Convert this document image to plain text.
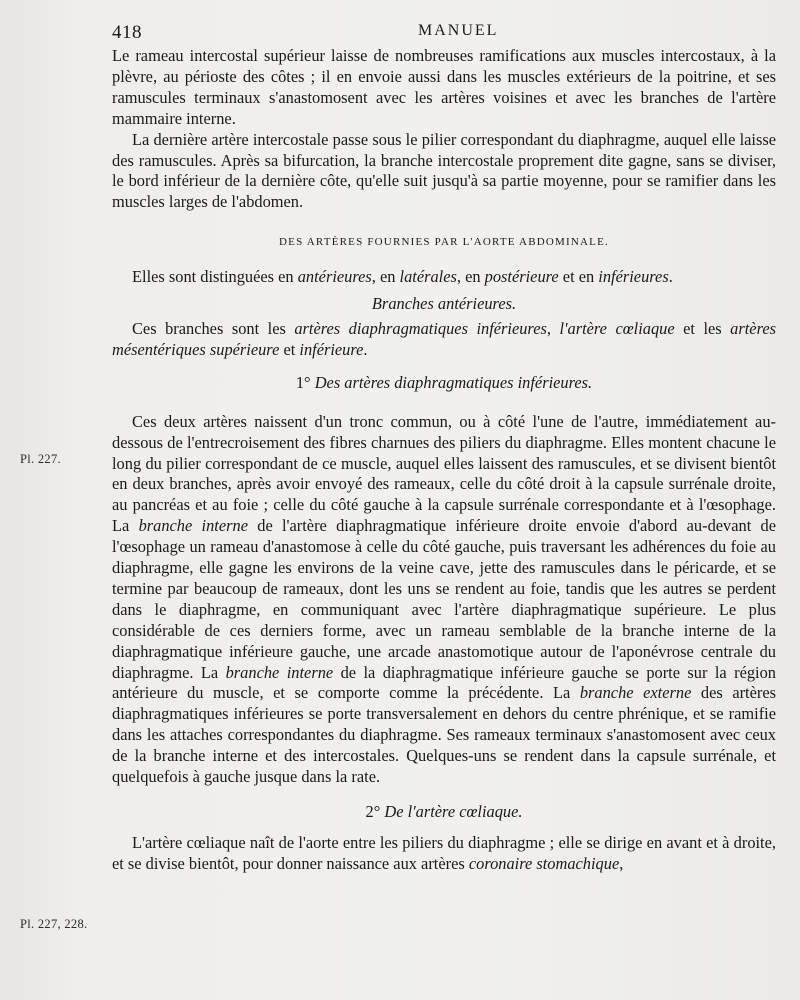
418	MANUEL
Pl. 227.
Pl. 227, 228.

Le rameau intercostal supérieur laisse de nombreuses ramifications aux muscles intercostaux, à la plèvre, au périoste des côtes ; il en envoie aussi dans les muscles extérieurs de la poitrine, et ses ramuscules terminaux s'anastomosent avec les artères voisines et avec les branches de l'artère mammaire interne.

La dernière artère intercostale passe sous le pilier correspondant du diaphragme, auquel elle laisse des ramuscules. Après sa bifurcation, la branche intercostale proprement dite gagne, sans se diviser, le bord inférieur de la dernière côte, qu'elle suit jusqu'à sa partie moyenne, pour se ramifier dans les muscles larges de l'abdomen.

DES ARTÈRES FOURNIES PAR L'AORTE ABDOMINALE.

Elles sont distinguées en antérieures, en latérales, en postérieure et en inférieures.

Branches antérieures.

Ces branches sont les artères diaphragmatiques inférieures, l'artère cœliaque et les artères mésentériques supérieure et inférieure.

1° Des artères diaphragmatiques inférieures.

Ces deux artères naissent d'un tronc commun, ou à côté l'une de l'autre, immédiatement au-dessous de l'entrecroisement des fibres charnues des piliers du diaphragme. Elles montent chacune le long du pilier correspondant de ce muscle, auquel elles laissent des ramuscules, et se divisent bientôt en deux branches, après avoir envoyé des rameaux, celle du côté droit à la capsule surrénale droite, au pancréas et au foie ; celle du côté gauche à la capsule surrénale correspondante et à l'œsophage. La branche interne de l'artère diaphragmatique inférieure droite envoie d'abord au-devant de l'œsophage un rameau d'anastomose à celle du côté gauche, puis traversant les adhérences du foie au diaphragme, elle gagne les environs de la veine cave, jette des ramuscules dans le péricarde, et se termine par beaucoup de rameaux, dont les uns se rendent au foie, tandis que les autres se perdent dans le diaphragme, en communiquant avec l'artère diaphragmatique supérieure. Le plus considérable de ces derniers forme, avec un rameau semblable de la branche interne de la diaphragmatique inférieure gauche, une arcade anastomotique autour de l'aponévrose centrale du diaphragme. La branche interne de la diaphragmatique inférieure gauche se porte sur la région antérieure du muscle, et se comporte comme la précédente. La branche externe des artères diaphragmatiques inférieures se porte transversalement en dehors du centre phrénique, et se ramifie dans les attaches correspondantes du diaphragme. Ses rameaux terminaux s'anastomosent avec ceux de la branche interne et des intercostales. Quelques-uns se rendent dans la capsule surrénale, et quelquefois à gauche jusque dans la rate.

2° De l'artère cœliaque.

L'artère cœliaque naît de l'aorte entre les piliers du diaphragme ; elle se dirige en avant et à droite, et se divise bientôt, pour donner naissance aux artères coronaire stomachique,
